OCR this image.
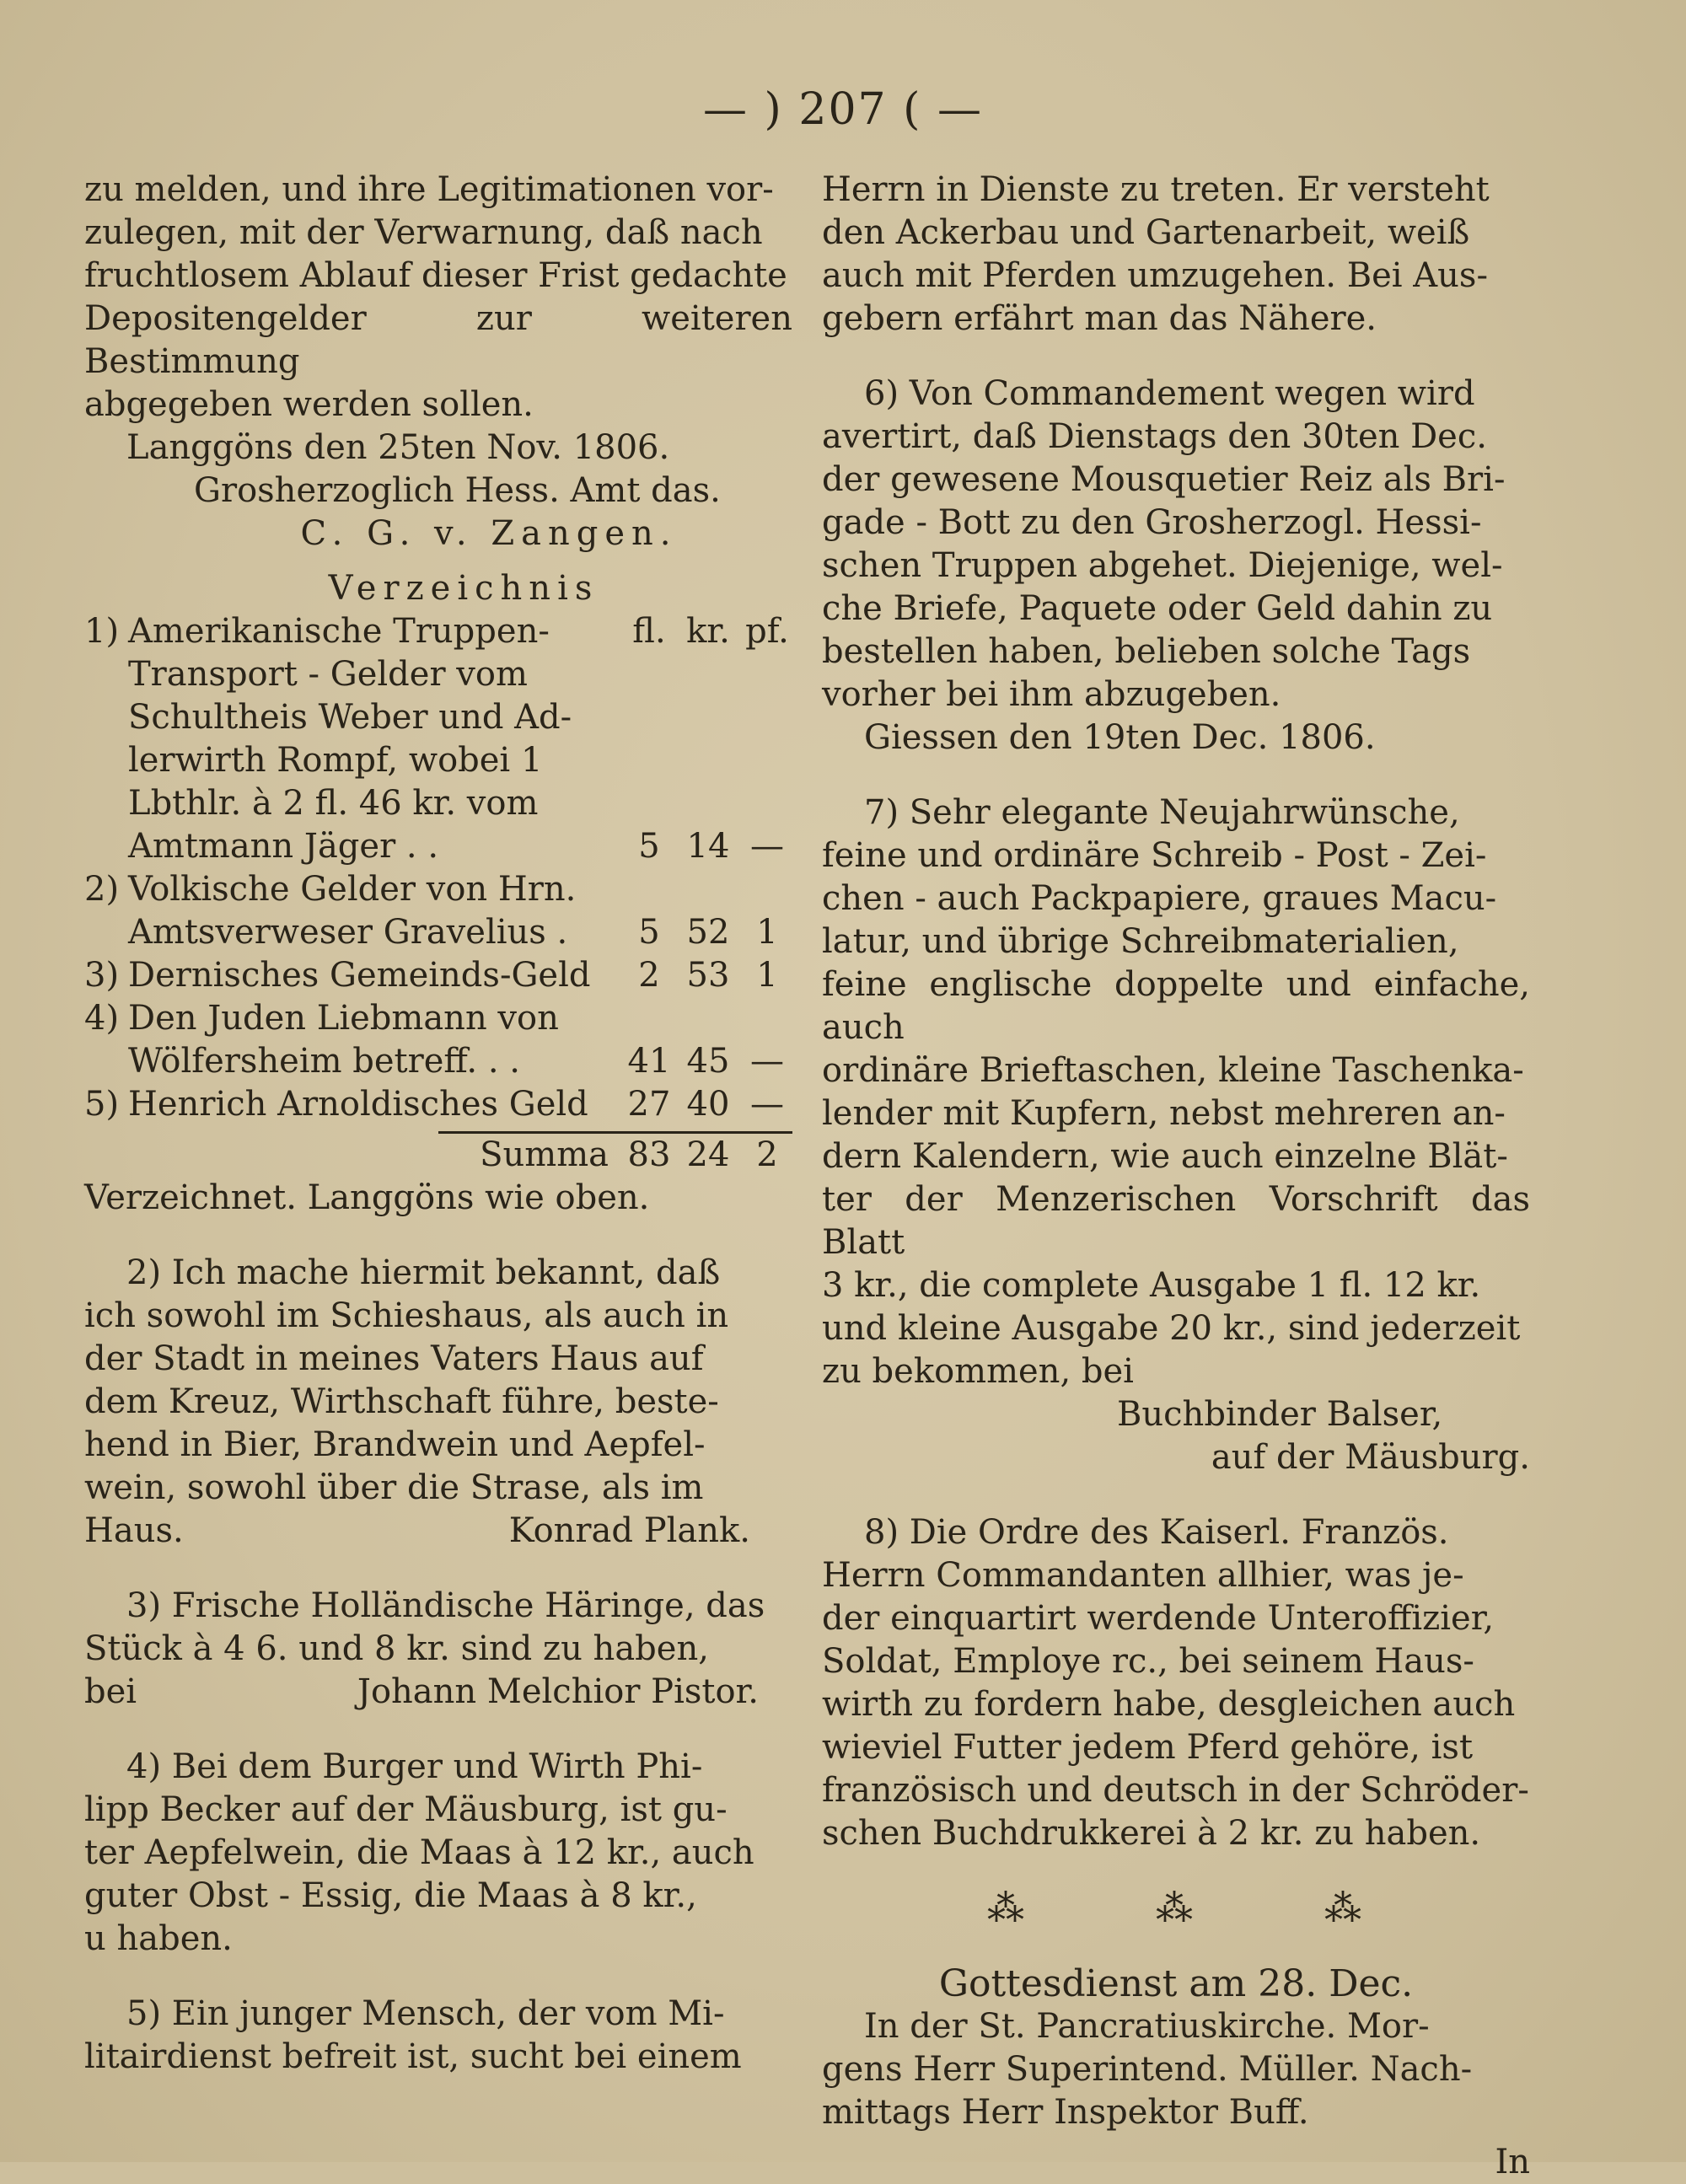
— ) 207 ( —

zu melden, und ihre Legitimationen vor-

zulegen, mit der Verwarnung, daß nach

fruchtlosem Ablauf dieser Frist gedachte

Depositengelder zur weiteren Bestimmung

abgegeben werden sollen.

Langgöns den 25ten Nov. 1806.

Grosherzoglich Hess. Amt das.

C. G. v. Zangen.

Verzeichnis

1) Amerikanische Truppen-	fl. kr. pf.
Transport - Gelder vom
Schultheis Weber und Ad-
lerwirth Rompf, wobei 1
Lbthlr. à 2 fl. 46 kr. vom
Amtmann Jäger . .	5 14 —
2) Volkische Gelder von Hrn.
Amtsverweser Gravelius .	5 52 1
3) Dernisches Gemeinds-Geld	2 53 1
4) Den Juden Liebmann von
Wölfersheim betreff. . .	41 45 —
5) Henrich Arnoldisches Geld	27 40 —
Summa 83 24 2

Verzeichnet. Langgöns wie oben.

2) Ich mache hiermit bekannt, daß

ich sowohl im Schieshaus, als auch in

der Stadt in meines Vaters Haus auf

dem Kreuz, Wirthschaft führe, beste-

hend in Bier, Brandwein und Aepfel-

wein, sowohl über die Strase, als im

Haus.	Konrad Plank.

3) Frische Holländische Häringe, das

Stück à 4 6. und 8 kr. sind zu haben,

bei	Johann Melchior Pistor.

4) Bei dem Burger und Wirth Phi-

lipp Becker auf der Mäusburg, ist gu-

ter Aepfelwein, die Maas à 12 kr., auch

guter Obst - Essig, die Maas à 8 kr.,

u haben.

5) Ein junger Mensch, der vom Mi-

litairdienst befreit ist, sucht bei einem

Herrn in Dienste zu treten. Er versteht

den Ackerbau und Gartenarbeit, weiß

auch mit Pferden umzugehen. Bei Aus-

gebern erfährt man das Nähere.

6) Von Commandement wegen wird

avertirt, daß Dienstags den 30ten Dec.

der gewesene Mousquetier Reiz als Bri-

gade - Bott zu den Grosherzogl. Hessi-

schen Truppen abgehet. Diejenige, wel-

che Briefe, Paquete oder Geld dahin zu

bestellen haben, belieben solche Tags

vorher bei ihm abzugeben.

Giessen den 19ten Dec. 1806.

7) Sehr elegante Neujahrwünsche,

feine und ordinäre Schreib - Post - Zei-

chen - auch Packpapiere, graues Macu-

latur, und übrige Schreibmaterialien,

feine englische doppelte und einfache, auch

ordinäre Brieftaschen, kleine Taschenka-

lender mit Kupfern, nebst mehreren an-

dern Kalendern, wie auch einzelne Blät-

ter der Menzerischen Vorschrift das Blatt

3 kr., die complete Ausgabe 1 fl. 12 kr.

und kleine Ausgabe 20 kr., sind jederzeit

zu bekommen, bei

Buchbinder Balser,

auf der Mäusburg.

8) Die Ordre des Kaiserl. Französ.

Herrn Commandanten allhier, was je-

der einquartirt werdende Unteroffizier,

Soldat, Employe rc., bei seinem Haus-

wirth zu fordern habe, desgleichen auch

wieviel Futter jedem Pferd gehöre, ist

französisch und deutsch in der Schröder-

schen Buchdrukkerei à 2 kr. zu haben.

⁂	⁂	⁂

Gottesdienst am 28. Dec.

In der St. Pancratiuskirche. Mor-

gens Herr Superintend. Müller. Nach-

mittags Herr Inspektor Buff.

In
